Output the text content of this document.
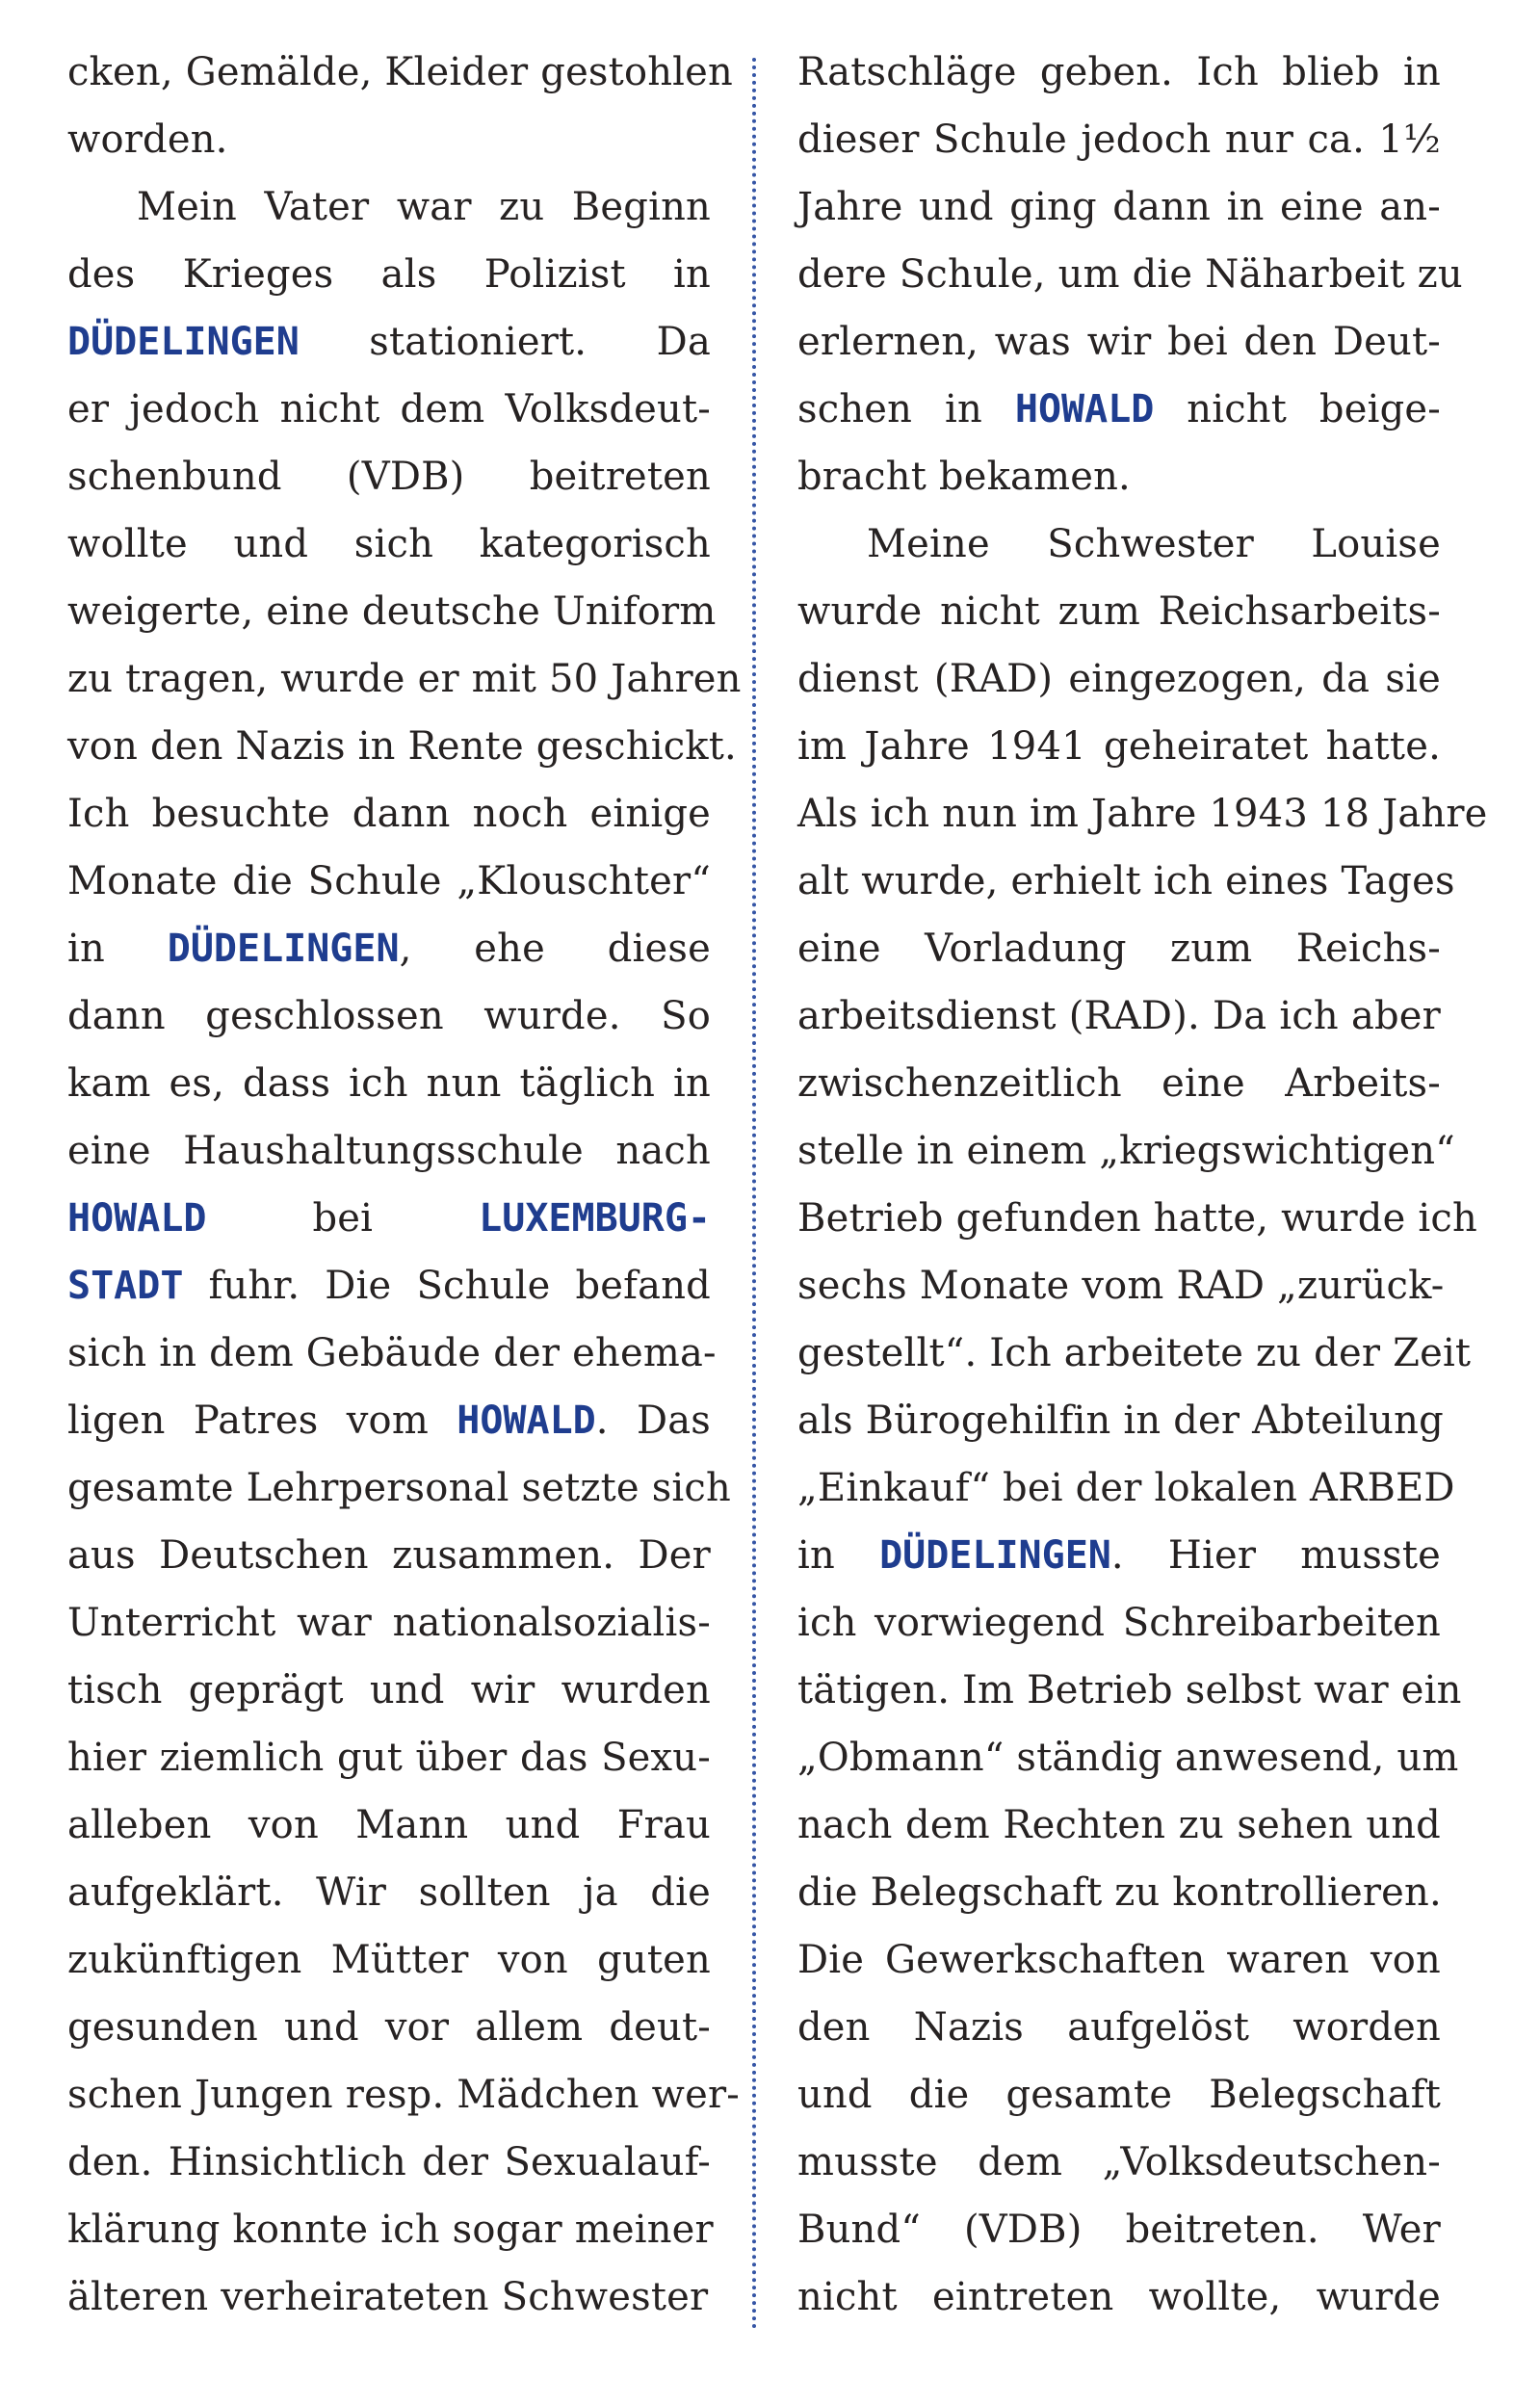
cken, Gemälde, Kleider gestohlen
worden.
Mein Vater war zu Beginn
des Krieges als Polizist in
DÜDELINGEN stationiert. Da
er jedoch nicht dem Volksdeut-
schenbund (VDB) beitreten
wollte und sich kategorisch
weigerte, eine deutsche Uniform
zu tragen, wurde er mit 50 Jahren
von den Nazis in Rente geschickt.
Ich besuchte dann noch einige
Monate die Schule „Klouschter“
in DÜDELINGEN, ehe diese
dann geschlossen wurde. So
kam es, dass ich nun täglich in
eine Haushaltungsschule nach
HOWALD bei LUXEMBURG-
STADT fuhr. Die Schule befand
sich in dem Gebäude der ehema-
ligen Patres vom HOWALD. Das
gesamte Lehrpersonal setzte sich
aus Deutschen zusammen. Der
Unterricht war nationalsozialis-
tisch geprägt und wir wurden
hier ziemlich gut über das Sexu-
alleben von Mann und Frau
aufgeklärt. Wir sollten ja die
zukünftigen Mütter von guten
gesunden und vor allem deut-
schen Jungen resp. Mädchen wer-
den. Hinsichtlich der Sexualauf-
klärung konnte ich sogar meiner
älteren verheirateten Schwester
Ratschläge geben. Ich blieb in
dieser Schule jedoch nur ca. 1½
Jahre und ging dann in eine an-
dere Schule, um die Näharbeit zu
erlernen, was wir bei den Deut-
schen in HOWALD nicht beige-
bracht bekamen.
Meine Schwester Louise
wurde nicht zum Reichsarbeits-
dienst (RAD) eingezogen, da sie
im Jahre 1941 geheiratet hatte.
Als ich nun im Jahre 1943 18 Jahre
alt wurde, erhielt ich eines Tages
eine Vorladung zum Reichs-
arbeitsdienst (RAD). Da ich aber
zwischenzeitlich eine Arbeits-
stelle in einem „kriegswichtigen“
Betrieb gefunden hatte, wurde ich
sechs Monate vom RAD „zurück-
gestellt“. Ich arbeitete zu der Zeit
als Bürogehilfin in der Abteilung
„Einkauf“ bei der lokalen ARBED
in DÜDELINGEN. Hier musste
ich vorwiegend Schreibarbeiten
tätigen. Im Betrieb selbst war ein
„Obmann“ ständig anwesend, um
nach dem Rechten zu sehen und
die Belegschaft zu kontrollieren.
Die Gewerkschaften waren von
den Nazis aufgelöst worden
und die gesamte Belegschaft
musste dem „Volksdeutschen-
Bund“ (VDB) beitreten. Wer
nicht eintreten wollte, wurde
